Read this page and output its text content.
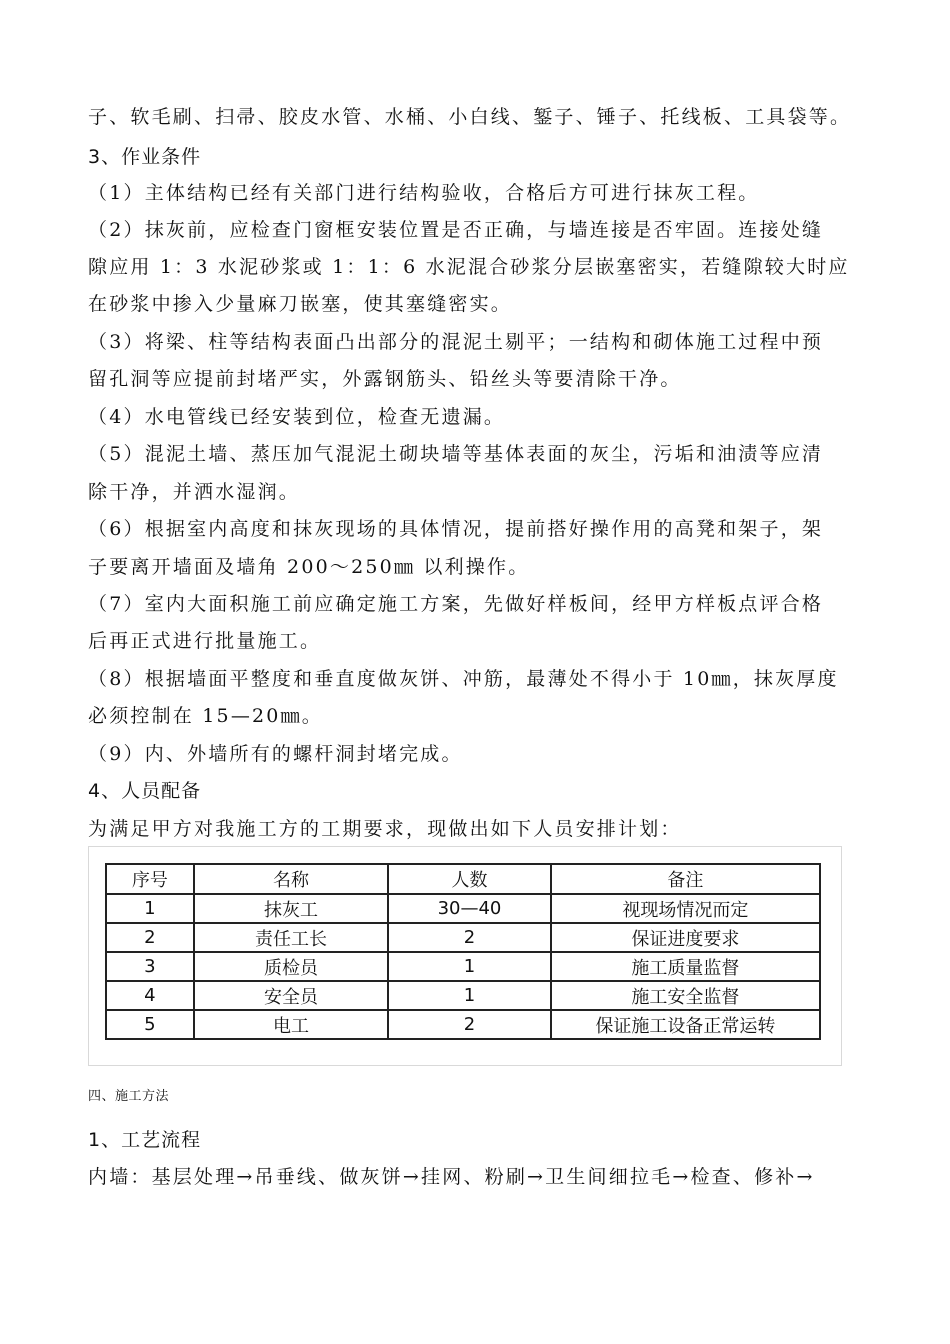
子、软毛刷、扫帚、胶皮水管、水桶、小白线、錾子、锤子、托线板、工具袋等。
3、作业条件
（1）主体结构已经有关部门进行结构验收，合格后方可进行抹灰工程。
（2）抹灰前，应检查门窗框安装位置是否正确，与墙连接是否牢固。连接处缝
隙应用 1：3 水泥砂浆或 1：1：6 水泥混合砂浆分层嵌塞密实，若缝隙较大时应
在砂浆中掺入少量麻刀嵌塞，使其塞缝密实。
（3）将梁、柱等结构表面凸出部分的混泥土剔平；一结构和砌体施工过程中预
留孔洞等应提前封堵严实，外露钢筋头、铅丝头等要清除干净。
（4）水电管线已经安装到位，检查无遗漏。
（5）混泥土墙、蒸压加气混泥土砌块墙等基体表面的灰尘，污垢和油渍等应清
除干净，并洒水湿润。
（6）根据室内高度和抹灰现场的具体情况，提前搭好操作用的高凳和架子，架
子要离开墙面及墙角 200～250㎜ 以利操作。
（7）室内大面积施工前应确定施工方案，先做好样板间，经甲方样板点评合格
后再正式进行批量施工。
（8）根据墙面平整度和垂直度做灰饼、冲筋，最薄处不得小于 10㎜，抹灰厚度
必须控制在 15—20㎜。
（9）内、外墙所有的螺杆洞封堵完成。
4、人员配备
为满足甲方对我施工方的工期要求，现做出如下人员安排计划：
序号	名称	人数	备注
1	抹灰工	30—40	视现场情况而定
2	责任工长	2	保证进度要求
3	质检员	1	施工质量监督
4	安全员	1	施工安全监督
5	电工	2	保证施工设备正常运转
四、施工方法
1、工艺流程
内墙：基层处理→吊垂线、做灰饼→挂网、粉刷→卫生间细拉毛→检查、修补→
